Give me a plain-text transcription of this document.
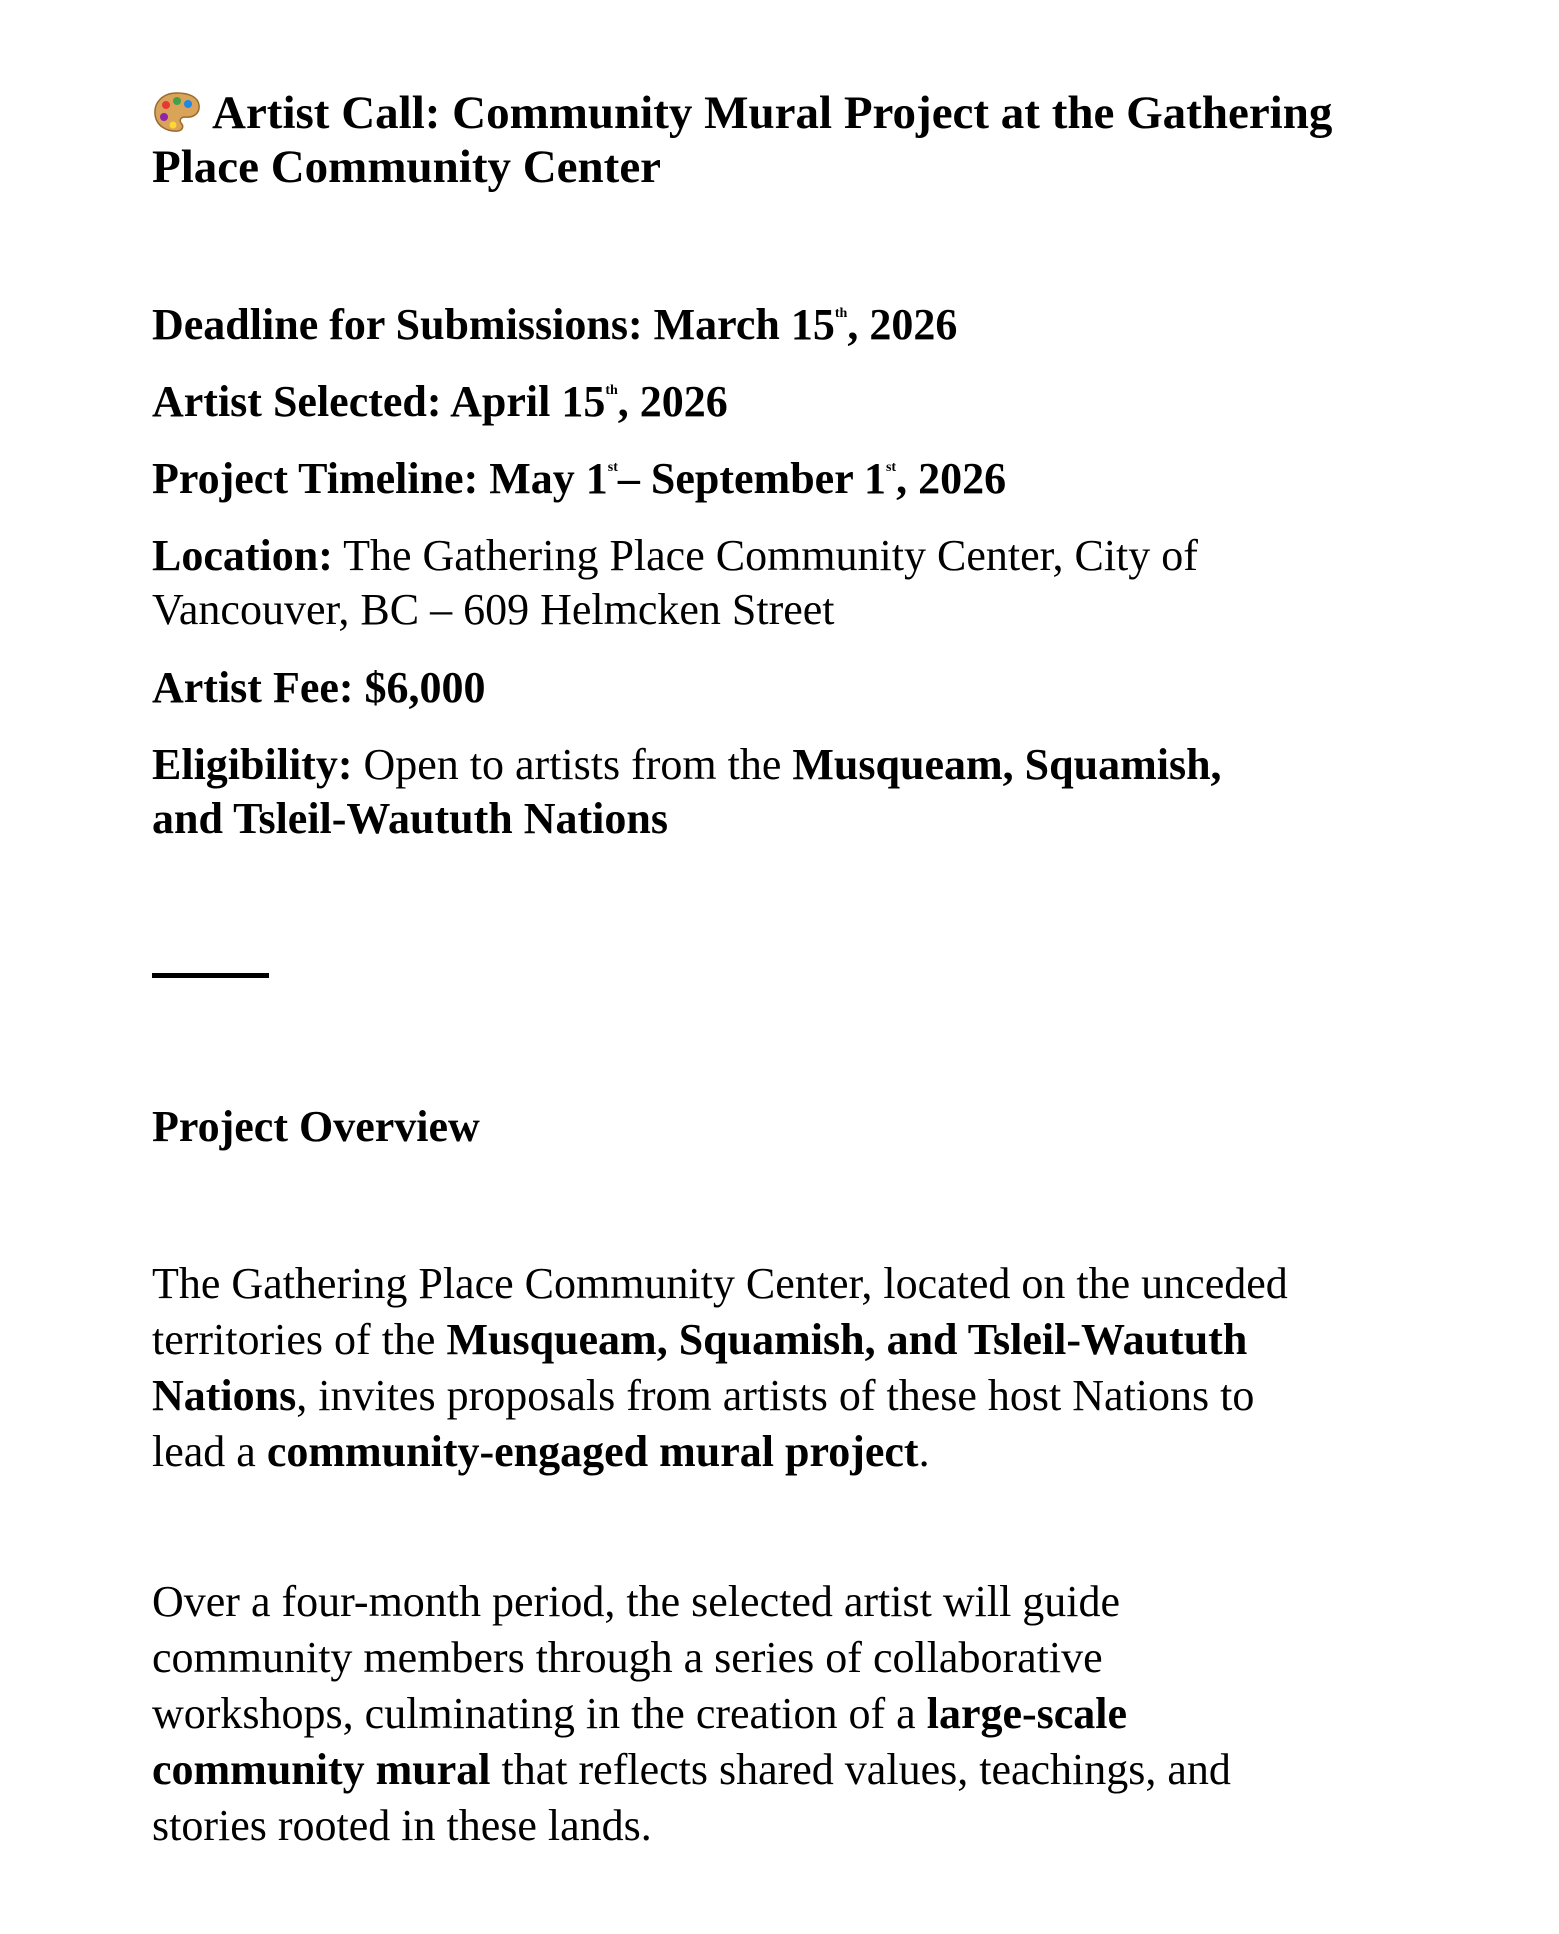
Artist Call: Community Mural Project at the Gathering
Place Community Center

Deadline for Submissions: March 15th, 2026

Artist Selected: April 15th, 2026

Project Timeline: May 1st– September 1st, 2026

Location: The Gathering Place Community Center, City of
Vancouver, BC – 609 Helmcken Street

Artist Fee: $6,000

Eligibility: Open to artists from the Musqueam, Squamish,
and Tsleil-Waututh Nations

Project Overview

The Gathering Place Community Center, located on the unceded
territories of the Musqueam, Squamish, and Tsleil-Waututh
Nations, invites proposals from artists of these host Nations to
lead a community-engaged mural project.

Over a four-month period, the selected artist will guide
community members through a series of collaborative
workshops, culminating in the creation of a large-scale
community mural that reflects shared values, teachings, and
stories rooted in these lands.
